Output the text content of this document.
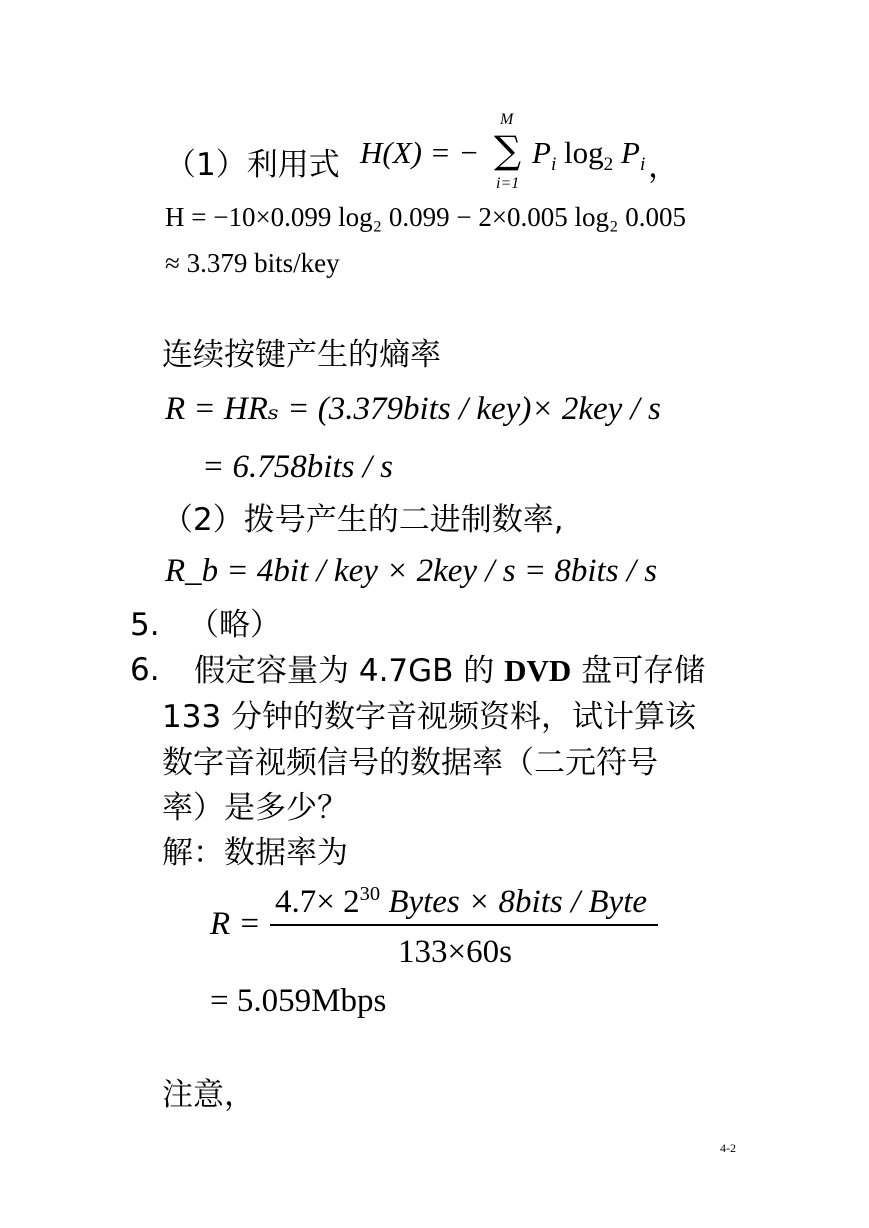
（1）利用式 H(X) = −
M
∑
i=1
$P_i$ $\log_2 P_i$ ，
H = −10×0.099 log₂ 0.099 − 2×0.005 log₂ 0.005
≈ 3.379 bits/key
连续按键产生的熵率
R = HRₛ = (3.379bits / key)× 2key / s
= 6.758bits / s
（2）拨号产生的二进制数率,
R_b = 4bit / key × 2key / s = 8bits / s
5. （略）
6. 假定容量为 4.7GB 的 DVD 盘可存储
133 分钟的数字音视频资料，试计算该
数字音视频信号的数据率（二元符号
率）是多少？
解：数据率为
R =
$4.7\times 2^{30}$ Bytes × 8bits / Byte
133×60s
= 5.059Mbps
注意，
4-2
